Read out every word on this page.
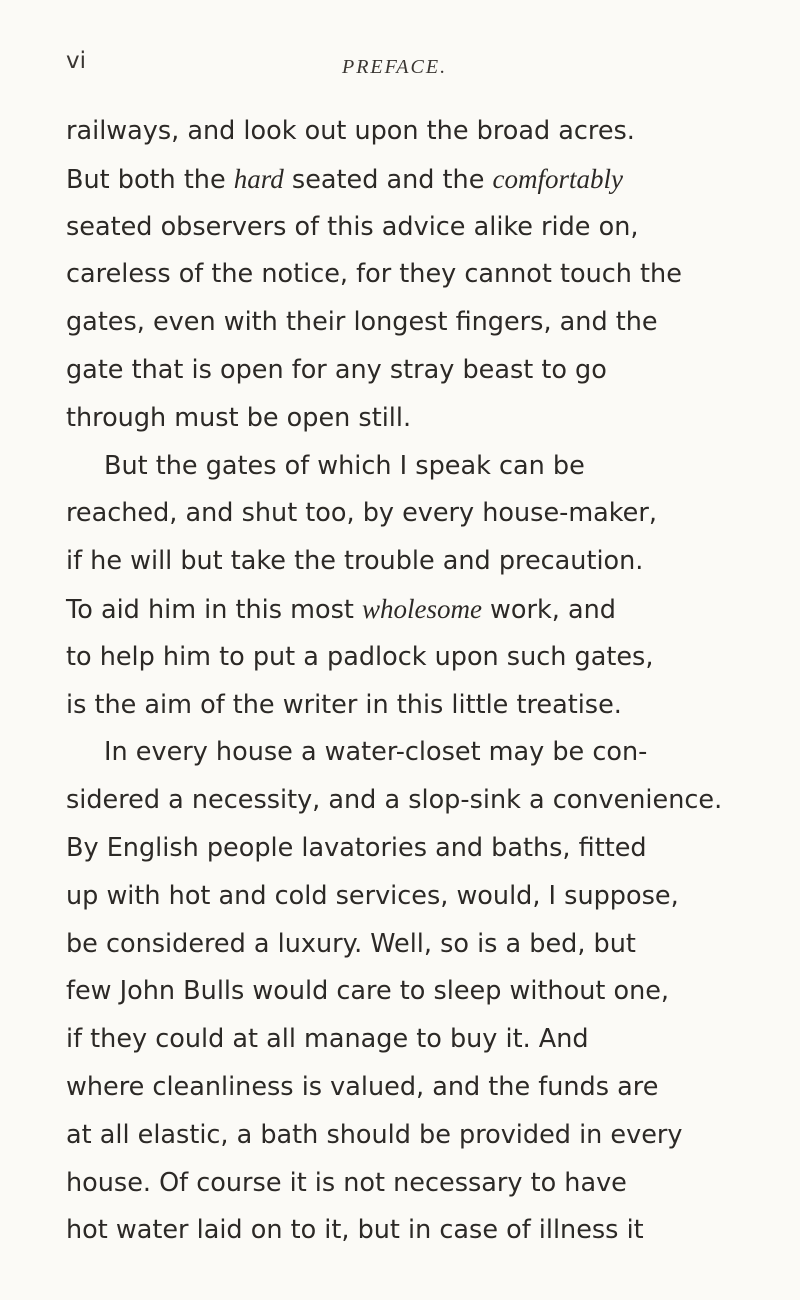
vi	PREFACE.
railways, and look out upon the broad acres.
But both the hard seated and the comfortably
seated observers of this advice alike ride on,
careless of the notice, for they cannot touch the
gates, even with their longest fingers, and the
gate that is open for any stray beast to go
through must be open still.
But the gates of which I speak can be
reached, and shut too, by every house-maker,
if he will but take the trouble and precaution.
To aid him in this most wholesome work, and
to help him to put a padlock upon such gates,
is the aim of the writer in this little treatise.
In every house a water-closet may be con-
sidered a necessity, and a slop-sink a convenience.
By English people lavatories and baths, fitted
up with hot and cold services, would, I suppose,
be considered a luxury. Well, so is a bed, but
few John Bulls would care to sleep without one,
if they could at all manage to buy it. And
where cleanliness is valued, and the funds are
at all elastic, a bath should be provided in every
house. Of course it is not necessary to have
hot water laid on to it, but in case of illness it
